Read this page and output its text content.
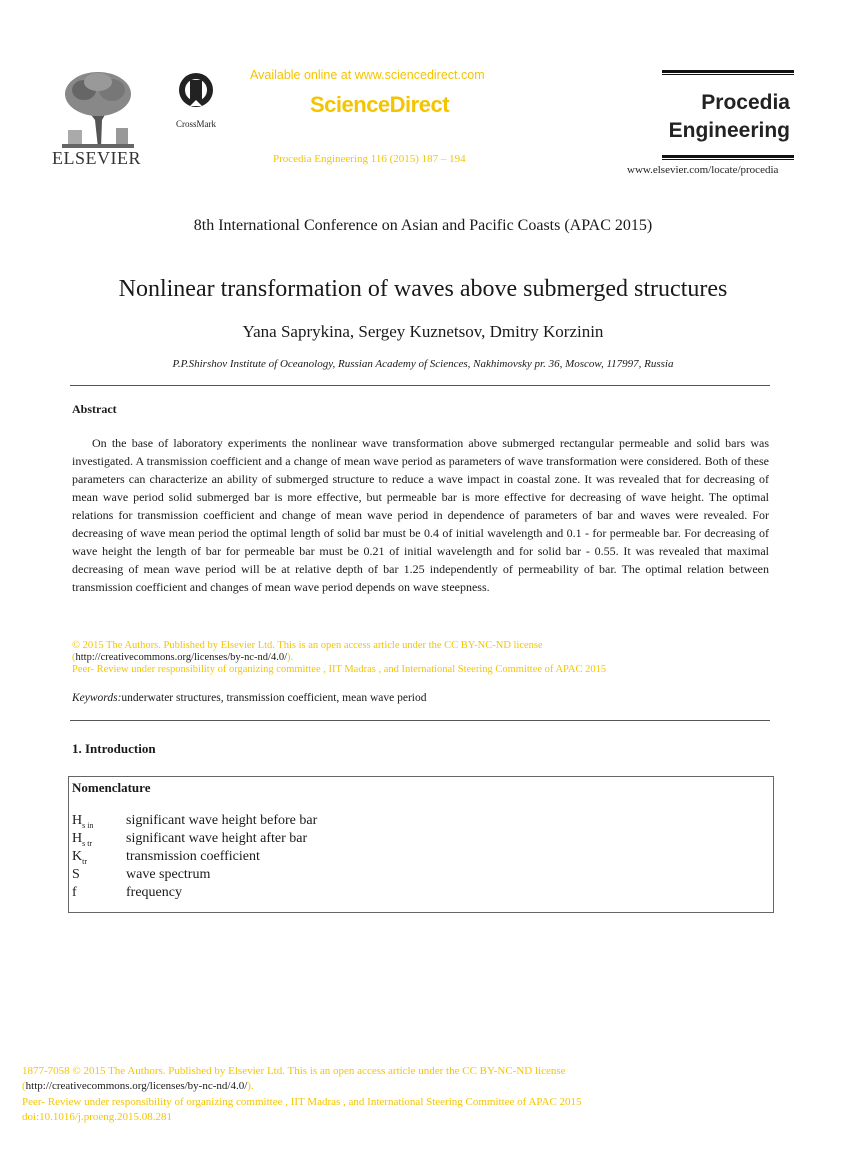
ELSEVIER
CrossMark
Available online at www.sciencedirect.com
ScienceDirect
Procedia Engineering 116 (2015) 187 – 194
Procedia
Engineering
www.elsevier.com/locate/procedia
8th International Conference on Asian and Pacific Coasts (APAC 2015)
Nonlinear transformation of waves above submerged structures
Yana Saprykina, Sergey Kuznetsov, Dmitry Korzinin
P.P.Shirshov Institute of Oceanology, Russian Academy of Sciences, Nakhimovsky pr. 36, Moscow, 117997, Russia
Abstract
On the base of laboratory experiments the nonlinear wave transformation above submerged rectangular permeable and solid bars was investigated. A transmission coefficient and a change of mean wave period as parameters of wave transformation were considered. Both of these parameters can characterize an ability of submerged structure to reduce a wave impact in coastal zone. It was revealed that for decreasing of mean wave period solid submerged bar is more effective, but permeable bar is more effective for decreasing of wave height. The optimal relations for transmission coefficient and change of mean wave period in dependence of parameters of bar and waves were revealed. For decreasing of wave mean period the optimal length of solid bar must be 0.4 of initial wavelength and 0.1 - for permeable bar. For decreasing of wave height the length of bar for permeable bar must be 0.21 of initial wavelength and for solid bar - 0.55. It was revealed that maximal decreasing of mean wave period will be at relative depth of bar 1.25 independently of permeability of bar. The optimal relation between transmission coefficient and changes of mean wave period depends on wave steepness.
© 2015 The Authors. Published by Elsevier Ltd. This is an open access article under the CC BY-NC-ND license
(http://creativecommons.org/licenses/by-nc-nd/4.0/).
Peer- Review under responsibility of organizing committee , IIT Madras , and International Steering Committee of APAC 2015
Keywords:underwater structures, transmission coefficient, mean wave period
1. Introduction
Nomenclature
$H_{s in}$ significant wave height before bar
$H_{s tr}$ significant wave height after bar
$K_{tr}$	transmission coefficient
S	wave spectrum
f	frequency
1877-7058 © 2015 The Authors. Published by Elsevier Ltd. This is an open access article under the CC BY-NC-ND license
(http://creativecommons.org/licenses/by-nc-nd/4.0/).
Peer- Review under responsibility of organizing committee , IIT Madras , and International Steering Committee of APAC 2015
doi:10.1016/j.proeng.2015.08.281
